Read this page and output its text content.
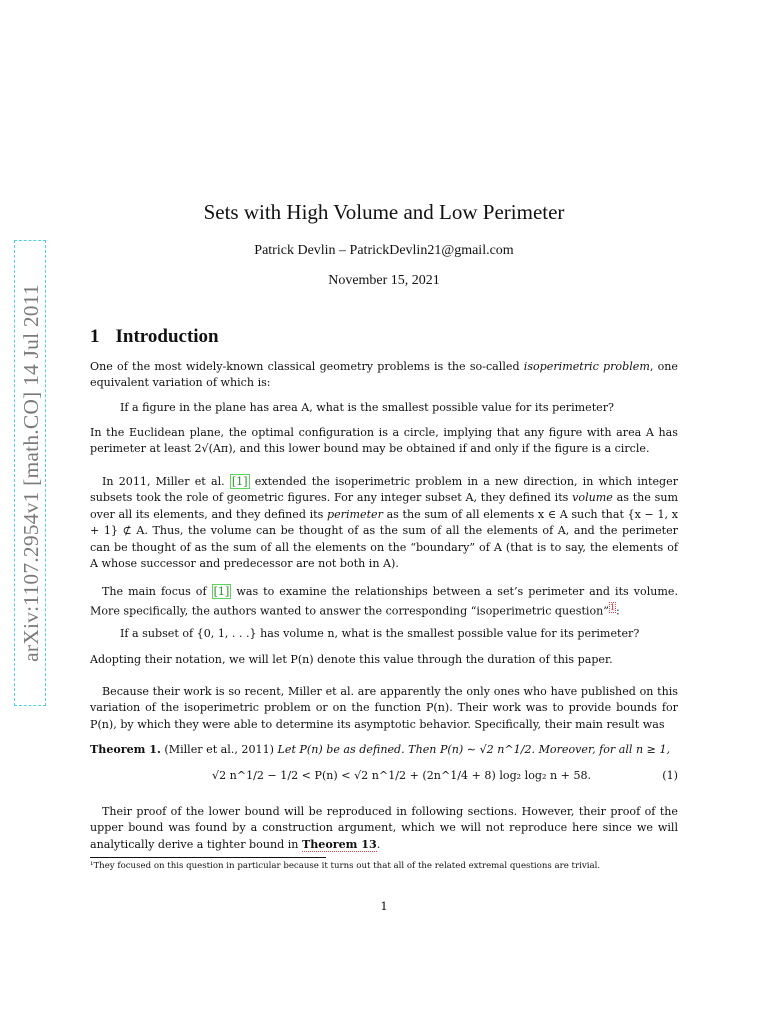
arXiv:1107.2954v1 [math.CO] 14 Jul 2011
Sets with High Volume and Low Perimeter
Patrick Devlin – PatrickDevlin21@gmail.com
November 15, 2021
1 Introduction
One of the most widely-known classical geometry problems is the so-called isoperimetric problem, one equivalent variation of which is:
If a figure in the plane has area A, what is the smallest possible value for its perimeter?
In the Euclidean plane, the optimal configuration is a circle, implying that any figure with area A has perimeter at least 2√(Aπ), and this lower bound may be obtained if and only if the figure is a circle.
In 2011, Miller et al. [1] extended the isoperimetric problem in a new direction, in which integer subsets took the role of geometric figures. For any integer subset A, they defined its volume as the sum over all its elements, and they defined its perimeter as the sum of all elements x ∈ A such that {x − 1, x + 1} ⊄ A. Thus, the volume can be thought of as the sum of all the elements of A, and the perimeter can be thought of as the sum of all the elements on the “boundary” of A (that is to say, the elements of A whose successor and predecessor are not both in A).
The main focus of [1] was to examine the relationships between a set’s perimeter and its volume. More specifically, the authors wanted to answer the corresponding “isoperimetric question”$^1$:
If a subset of {0, 1, . . .} has volume n, what is the smallest possible value for its perimeter?
Adopting their notation, we will let P(n) denote this value through the duration of this paper.
Because their work is so recent, Miller et al. are apparently the only ones who have published on this variation of the isoperimetric problem or on the function P(n). Their work was to provide bounds for P(n), by which they were able to determine its asymptotic behavior. Specifically, their main result was
Theorem 1. (Miller et al., 2011) Let P(n) be as defined. Then P(n) ∼ √2 n^1/2. Moreover, for all n ≥ 1,
√2 n^1/2 − 1/2 < P(n) < √2 n^1/2 + (2n^1/4 + 8) log₂ log₂ n + 58.	(1)
Their proof of the lower bound will be reproduced in following sections. However, their proof of the upper bound was found by a construction argument, which we will not reproduce here since we will analytically derive a tighter bound in Theorem 13.
¹They focused on this question in particular because it turns out that all of the related extremal questions are trivial.
1
